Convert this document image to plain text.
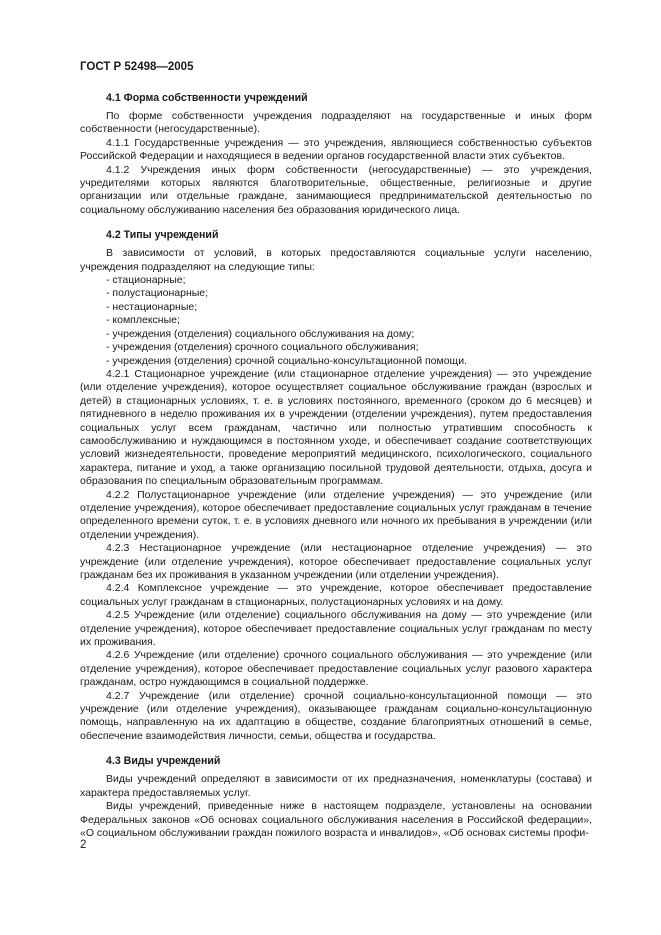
ГОСТ Р 52498—2005
4.1 Форма собственности учреждений

По форме собственности учреждения подразделяют на государственные и иных форм собственности (негосударственные).

4.1.1 Государственные учреждения — это учреждения, являющиеся собственностью субъектов Российской Федерации и находящиеся в ведении органов государственной власти этих субъектов.

4.1.2 Учреждения иных форм собственности (негосударственные) — это учреждения, учредителями которых являются благотворительные, общественные, религиозные и другие организации или отдельные граждане, занимающиеся предпринимательской деятельностью по социальному обслуживанию населения без образования юридического лица.

4.2 Типы учреждений

В зависимости от условий, в которых предоставляются социальные услуги населению, учреждения подразделяют на следующие типы:

- стационарные;

- полустационарные;

- нестационарные;

- комплексные;

- учреждения (отделения) социального обслуживания на дому;

- учреждения (отделения) срочного социального обслуживания;

- учреждения (отделения) срочной социально-консультационной помощи.

4.2.1 Стационарное учреждение (или стационарное отделение учреждения) — это учреждение (или отделение учреждения), которое осуществляет социальное обслуживание граждан (взрослых и детей) в стационарных условиях, т. е. в условиях постоянного, временного (сроком до 6 месяцев) и пятидневного в неделю проживания их в учреждении (отделении учреждения), путем предоставления социальных услуг всем гражданам, частично или полностью утратившим способность к самообслуживанию и нуждающимся в постоянном уходе, и обеспечивает создание соответствующих условий жизнедеятельности, проведение мероприятий медицинского, психологического, социального характера, питание и уход, а также организацию посильной трудовой деятельности, отдыха, досуга и образования по специальным образовательным программам.

4.2.2 Полустационарное учреждение (или отделение учреждения) — это учреждение (или отделение учреждения), которое обеспечивает предоставление социальных услуг гражданам в течение определенного времени суток, т. е. в условиях дневного или ночного их пребывания в учреждении (или отделении учреждения).

4.2.3 Нестационарное учреждение (или нестационарное отделение учреждения) — это учреждение (или отделение учреждения), которое обеспечивает предоставление социальных услуг гражданам без их проживания в указанном учреждении (или отделении учреждения).

4.2.4 Комплексное учреждение — это учреждение, которое обеспечивает предоставление социальных услуг гражданам в стационарных, полустационарных условиях и на дому.

4.2.5 Учреждение (или отделение) социального обслуживания на дому — это учреждение (или отделение учреждения), которое обеспечивает предоставление социальных услуг гражданам по месту их проживания.

4.2.6 Учреждение (или отделение) срочного социального обслуживания — это учреждение (или отделение учреждения), которое обеспечивает предоставление социальных услуг разового характера гражданам, остро нуждающимся в социальной поддержке.

4.2.7 Учреждение (или отделение) срочной социально-консультационной помощи — это учреждение (или отделение учреждения), оказывающее гражданам социально-консультационную помощь, направленную на их адаптацию в обществе, создание благоприятных отношений в семье, обеспечение взаимодействия личности, семьи, общества и государства.

4.3 Виды учреждений

Виды учреждений определяют в зависимости от их предназначения, номенклатуры (состава) и характера предоставляемых услуг.

Виды учреждений, приведенные ниже в настоящем подразделе, установлены на основании Федеральных законов «Об основах социального обслуживания населения в Российской федерации», «О социальном обслуживании граждан пожилого возраста и инвалидов», «Об основах системы профи-

2
